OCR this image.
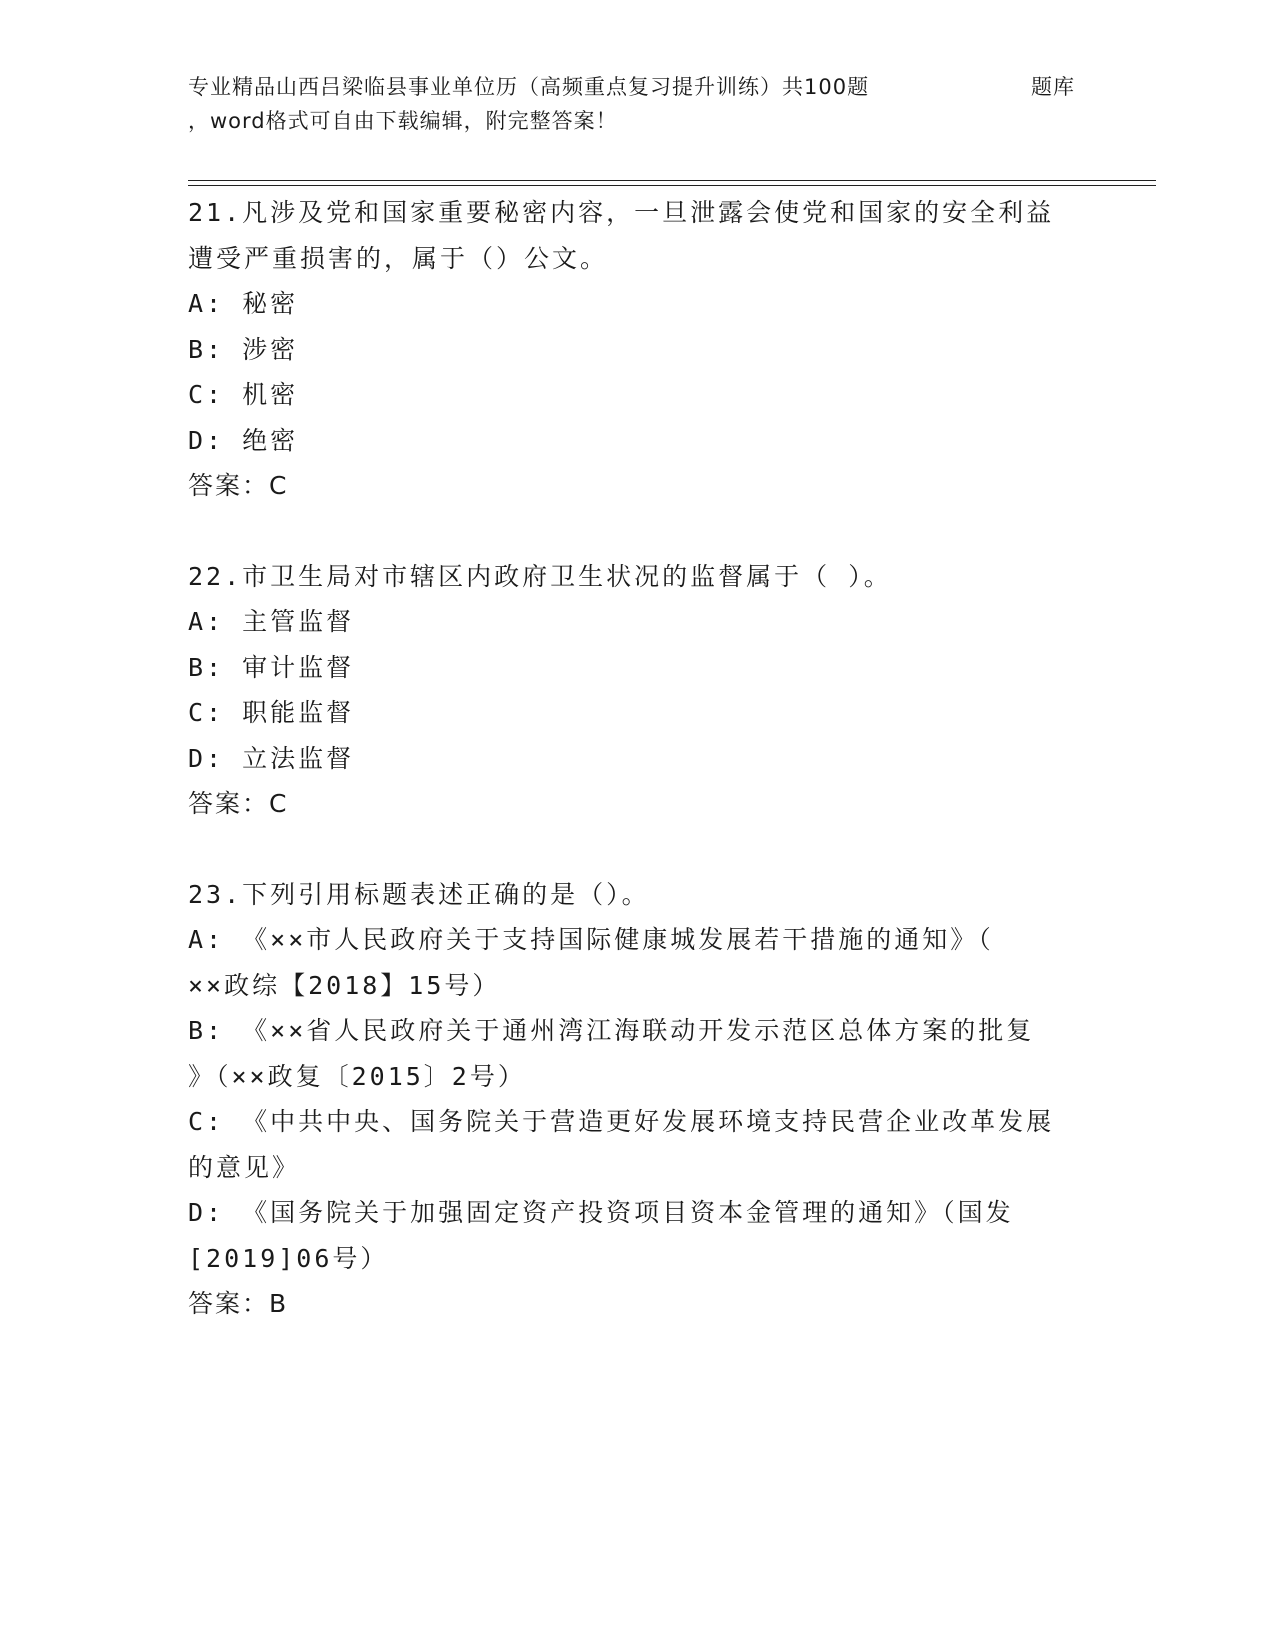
专业精品山西吕梁临县事业单位历（高频重点复习提升训练）共100题	题库
，word格式可自由下载编辑，附完整答案！

21.凡涉及党和国家重要秘密内容，一旦泄露会使党和国家的安全利益

遭受严重损害的，属于（）公文。

A: 秘密

B: 涉密

C: 机密

D: 绝密

答案：C

22.市卫生局对市辖区内政府卫生状况的监督属于（ ）。

A: 主管监督

B: 审计监督

C: 职能监督

D: 立法监督

答案：C

23.下列引用标题表述正确的是（）。

A: 《××市人民政府关于支持国际健康城发展若干措施的通知》（

××政综【2018】15号）

B: 《××省人民政府关于通州湾江海联动开发示范区总体方案的批复

》（××政复〔2015〕2号）

C: 《中共中央、国务院关于营造更好发展环境支持民营企业改革发展

的意见》

D: 《国务院关于加强固定资产投资项目资本金管理的通知》（国发

[2019]06号）

答案：B
